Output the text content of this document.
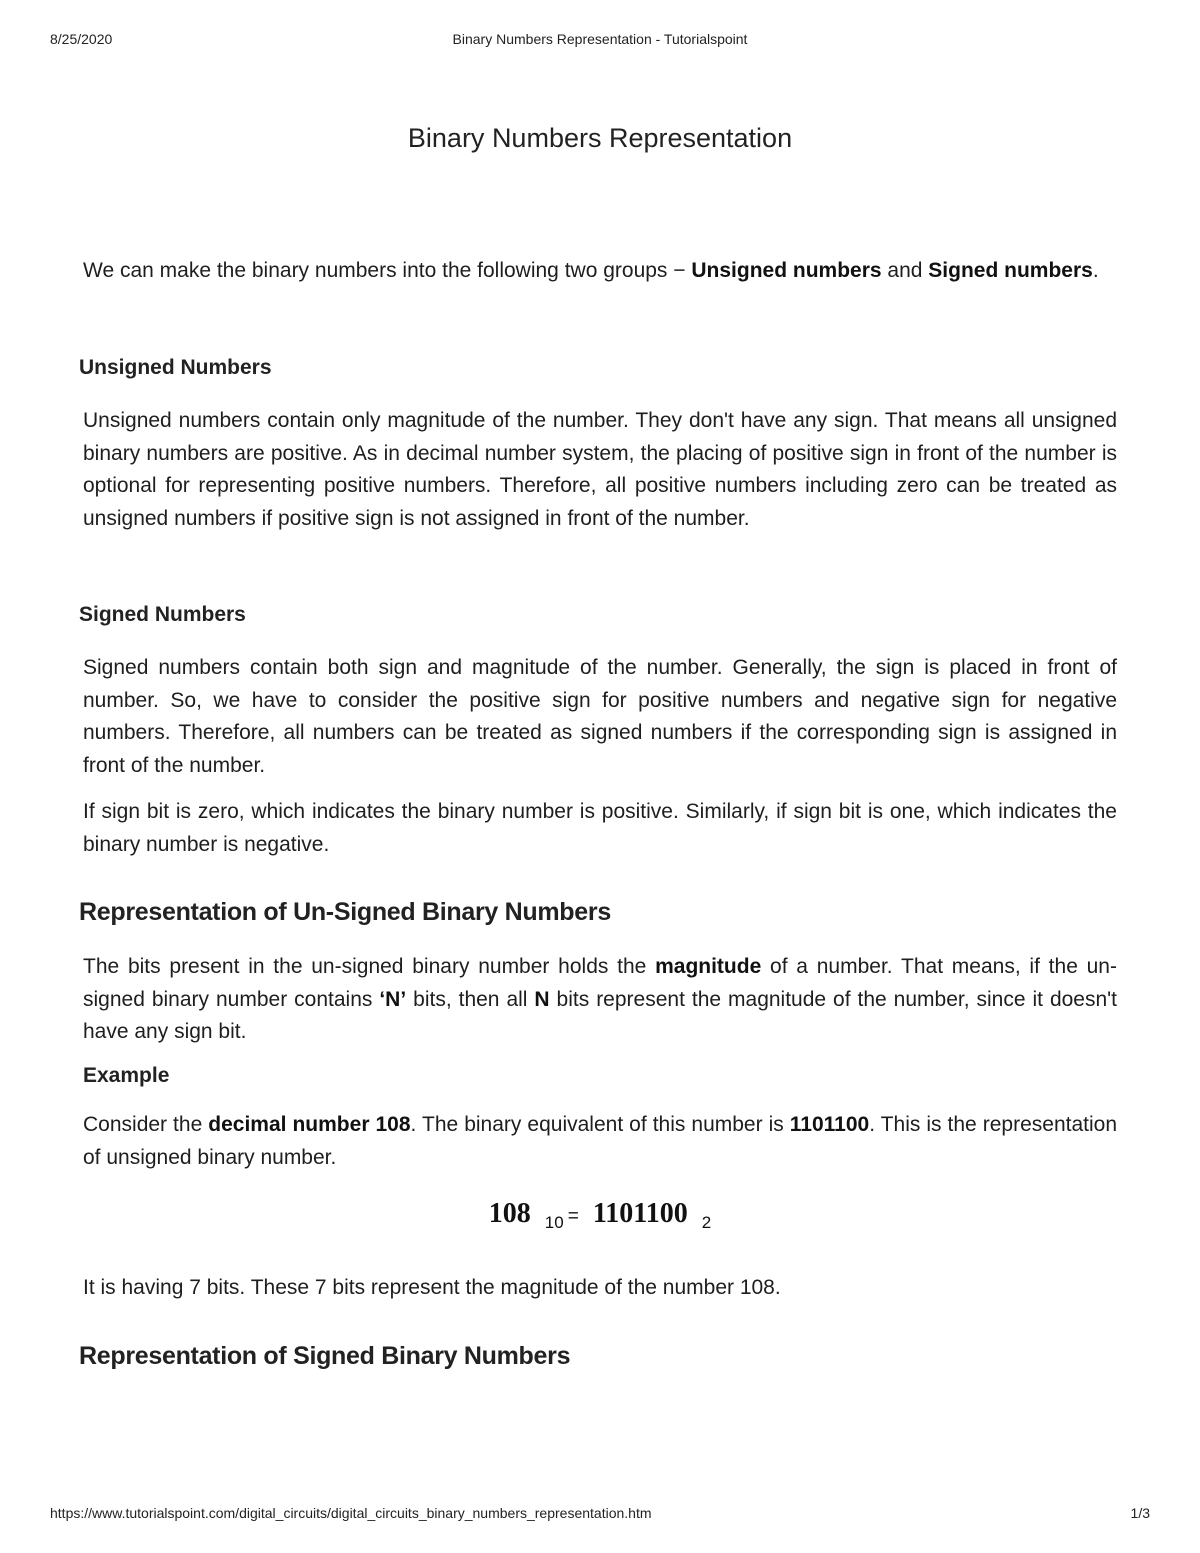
8/25/2020	Binary Numbers Representation - Tutorialspoint
Binary Numbers Representation

We can make the binary numbers into the following two groups − Unsigned numbers and Signed numbers.

Unsigned Numbers

Unsigned numbers contain only magnitude of the number. They don't have any sign. That means all unsigned binary numbers are positive. As in decimal number system, the placing of positive sign in front of the number is optional for representing positive numbers. Therefore, all positive numbers including zero can be treated as unsigned numbers if positive sign is not assigned in front of the number.

Signed Numbers

Signed numbers contain both sign and magnitude of the number. Generally, the sign is placed in front of number. So, we have to consider the positive sign for positive numbers and negative sign for negative numbers. Therefore, all numbers can be treated as signed numbers if the corresponding sign is assigned in front of the number.

If sign bit is zero, which indicates the binary number is positive. Similarly, if sign bit is one, which indicates the binary number is negative.

Representation of Un-Signed Binary Numbers

The bits present in the un-signed binary number holds the magnitude of a number. That means, if the un-signed binary number contains ‘N’ bits, then all N bits represent the magnitude of the number, since it doesn't have any sign bit.

Example

Consider the decimal number 108. The binary equivalent of this number is 1101100. This is the representation of unsigned binary number.

108 10 = 1101100 2

It is having 7 bits. These 7 bits represent the magnitude of the number 108.

Representation of Signed Binary Numbers
https://www.tutorialspoint.com/digital_circuits/digital_circuits_binary_numbers_representation.htm	1/3
